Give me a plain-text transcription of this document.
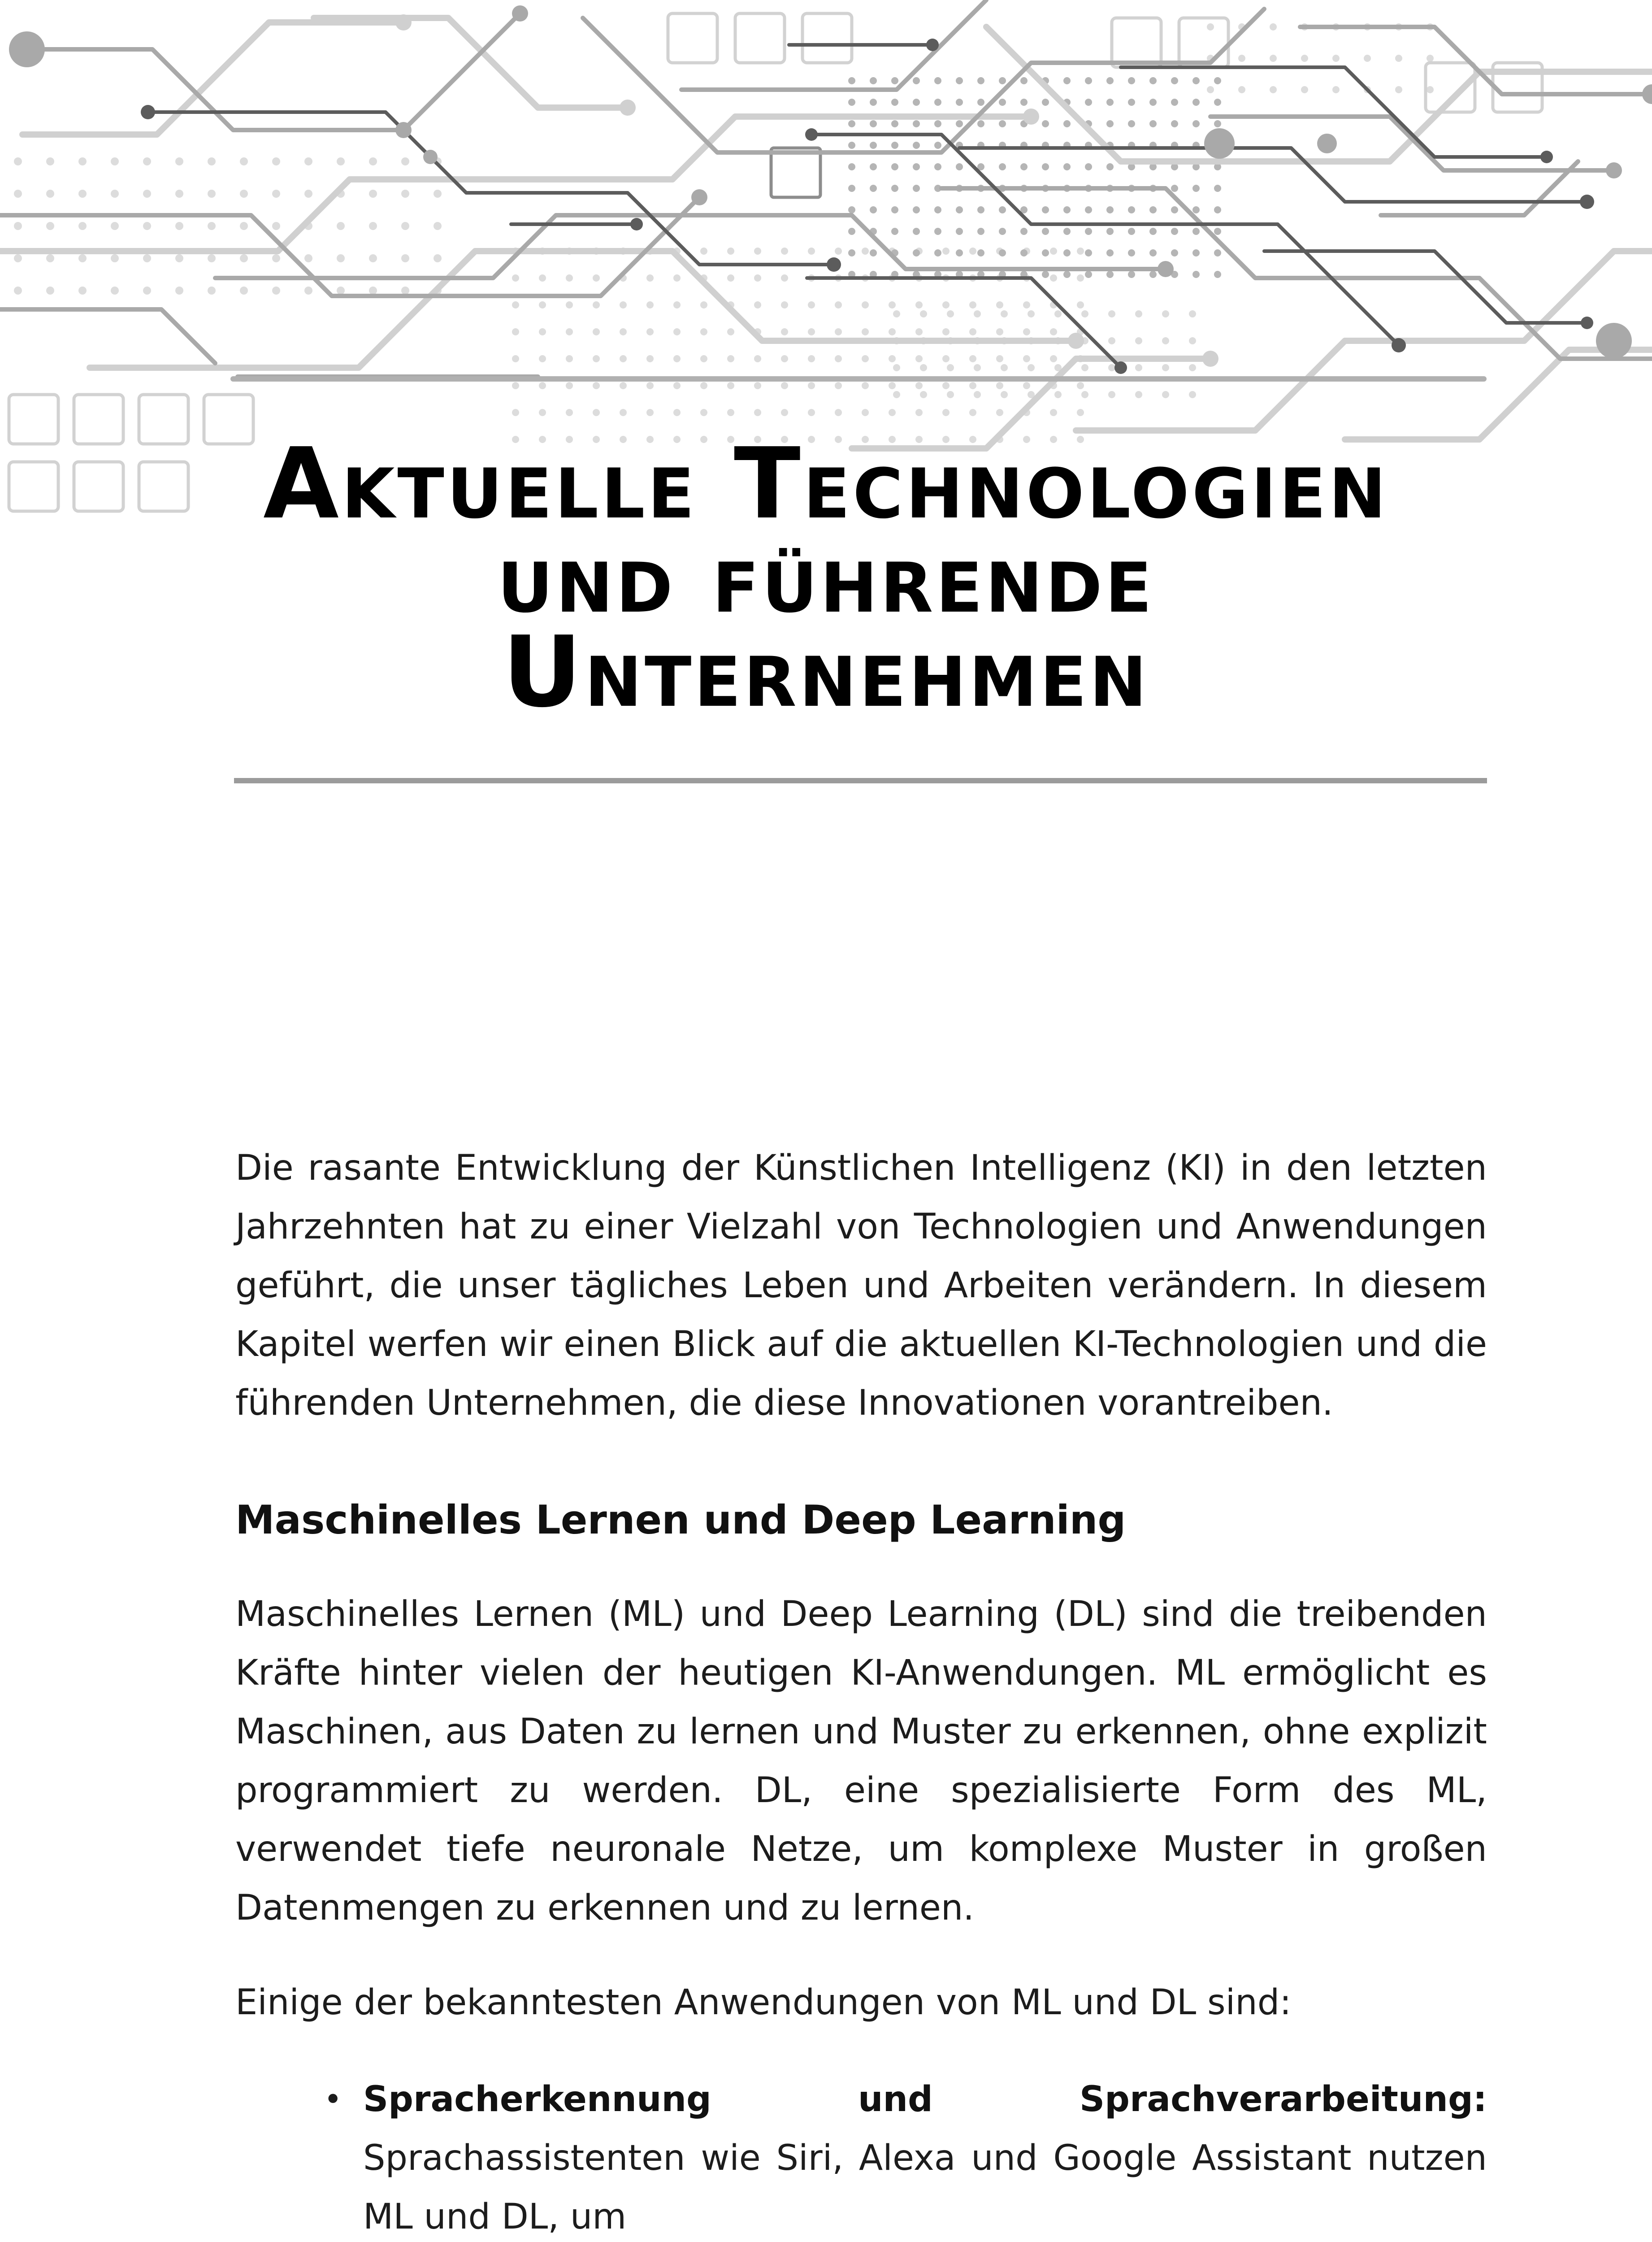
Aktuelle Technologien und führende Unternehmen

Die rasante Entwicklung der Künstlichen Intelligenz (KI) in den letzten Jahrzehnten hat zu einer Vielzahl von Technologien und Anwendungen geführt, die unser tägliches Leben und Arbeiten verändern. In diesem Kapitel werfen wir einen Blick auf die aktuellen KI-Technologien und die führenden Unternehmen, die diese Innovationen vorantreiben.

Maschinelles Lernen und Deep Learning

Maschinelles Lernen (ML) und Deep Learning (DL) sind die treibenden Kräfte hinter vielen der heutigen KI-Anwendungen. ML ermöglicht es Maschinen, aus Daten zu lernen und Muster zu erkennen, ohne explizit programmiert zu werden. DL, eine spezialisierte Form des ML, verwendet tiefe neuronale Netze, um komplexe Muster in großen Datenmengen zu erkennen und zu lernen.

Einige der bekanntesten Anwendungen von ML und DL sind:

• Spracherkennung und Sprachverarbeitung: Sprachassistenten wie Siri, Alexa und Google Assistant nutzen ML und DL, um
